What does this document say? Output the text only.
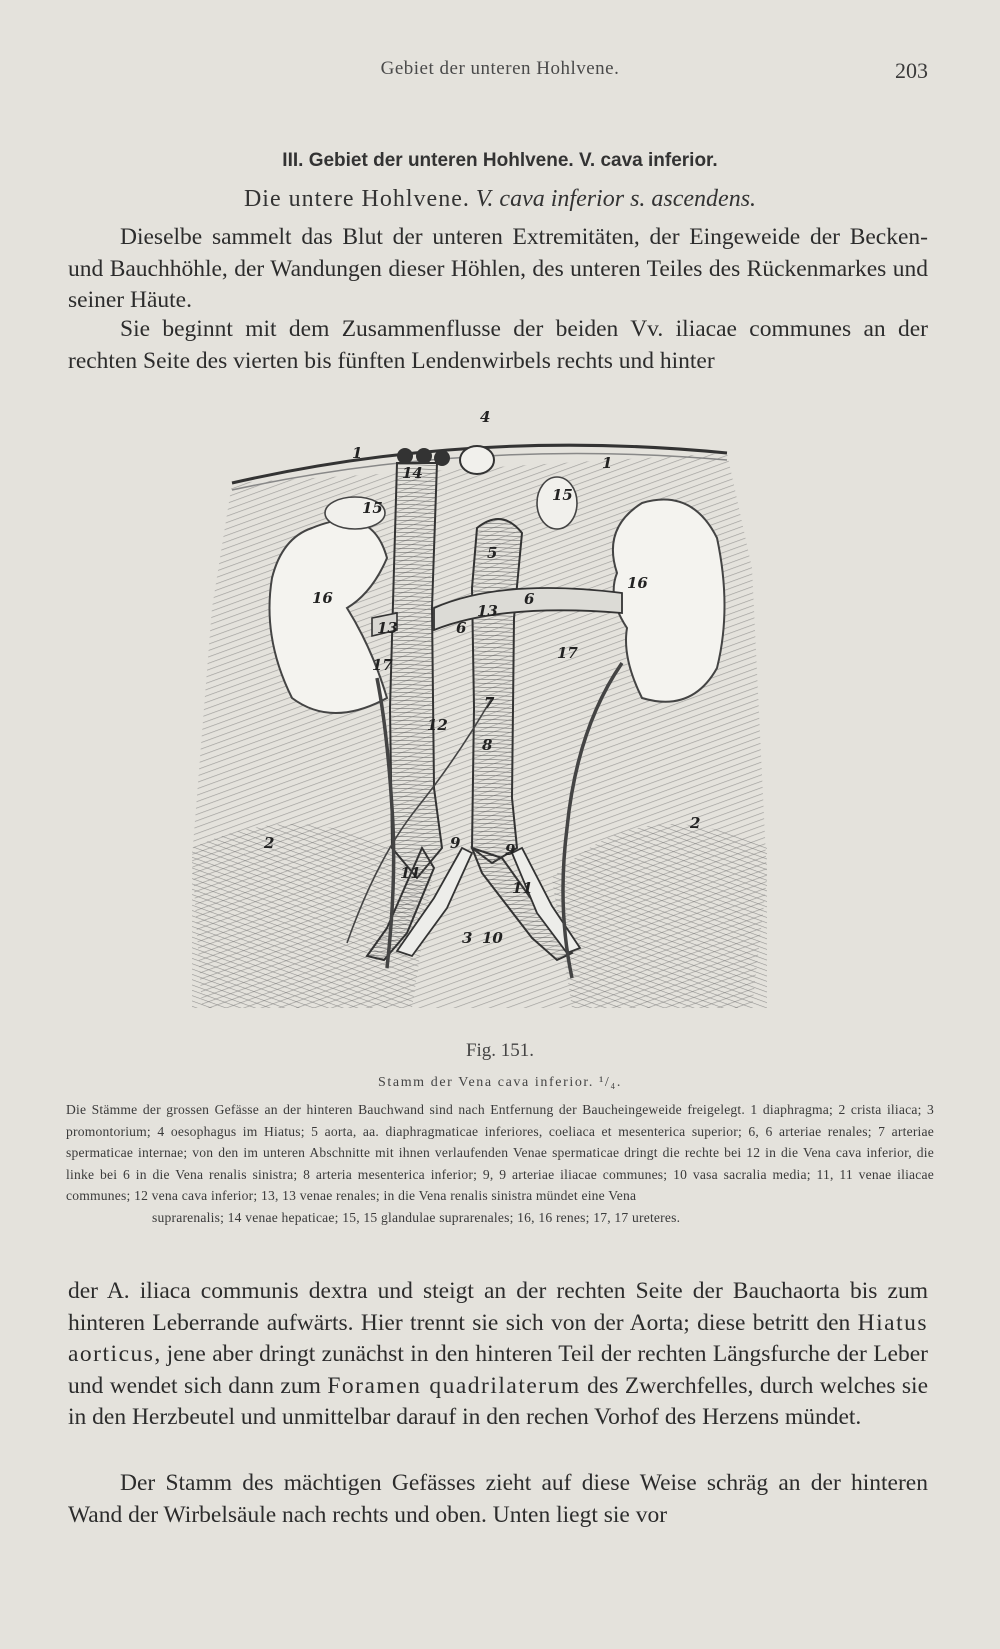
Gebiet der unteren Hohlvene.	203
III. Gebiet der unteren Hohlvene. V. cava inferior.
Die untere Hohlvene. V. cava inferior s. ascendens.
Dieselbe sammelt das Blut der unteren Extremitäten, der Eingeweide der Becken- und Bauchhöhle, der Wandungen dieser Höhlen, des unteren Teiles des Rückenmarkes und seiner Häute.
Sie beginnt mit dem Zusammenflusse der beiden Vv. iliacae communes an der rechten Seite des vierten bis fünften Lendenwirbels rechts und hinter
4
1
1
14
15
15
5
16
16
13	6
13
6
17
17
12
7
8
2
2
9	9
11
11
3 10
Fig. 151.
Stamm der Vena cava inferior. ¹/₄.
Die Stämme der grossen Gefässe an der hinteren Bauchwand sind nach Entfernung der Baucheingeweide freigelegt. 1 diaphragma; 2 crista iliaca; 3 promontorium; 4 oesophagus im Hiatus; 5 aorta, aa. diaphragmaticae inferiores, coeliaca et mesenterica superior; 6, 6 arteriae renales; 7 arteriae spermaticae internae; von den im unteren Abschnitte mit ihnen verlaufenden Venae spermaticae dringt die rechte bei 12 in die Vena cava inferior, die linke bei 6 in die Vena renalis sinistra; 8 arteria mesenterica inferior; 9, 9 arteriae iliacae communes; 10 vasa sacralia media; 11, 11 venae iliacae communes; 12 vena cava inferior; 13, 13 venae renales; in die Vena renalis sinistra mündet eine Vena
suprarenalis; 14 venae hepaticae; 15, 15 glandulae suprarenales; 16, 16 renes; 17, 17 ureteres.
der A. iliaca communis dextra und steigt an der rechten Seite der Bauchaorta bis zum hinteren Leberrande aufwärts. Hier trennt sie sich von der Aorta; diese betritt den Hiatus aorticus, jene aber dringt zunächst in den hinteren Teil der rechten Längsfurche der Leber und wendet sich dann zum Foramen quadrilaterum des Zwerchfelles, durch welches sie in den Herzbeutel und unmittelbar darauf in den rechen Vorhof des Herzens mündet.
Der Stamm des mächtigen Gefässes zieht auf diese Weise schräg an der hinteren Wand der Wirbelsäule nach rechts und oben. Unten liegt sie vor
